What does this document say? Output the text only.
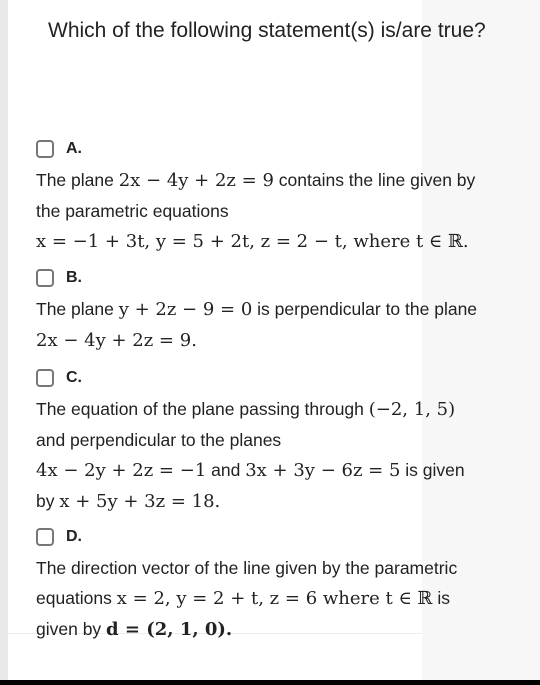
Which of the following statement(s) is/are true?
A.
The plane 2x − 4y + 2z = 9 contains the line given by
the parametric equations
x = −1 + 3t, y = 5 + 2t, z = 2 − t, where t ∈ ℝ.
B.
The plane y + 2z − 9 = 0 is perpendicular to the plane
2x − 4y + 2z = 9.
C.
The equation of the plane passing through (−2, 1, 5)
and perpendicular to the planes
4x − 2y + 2z = −1 and 3x + 3y − 6z = 5 is given
by x + 5y + 3z = 18.
D.
The direction vector of the line given by the parametric
equations x = 2, y = 2 + t, z = 6 where t ∈ ℝ is
given by d = (2, 1, 0).
